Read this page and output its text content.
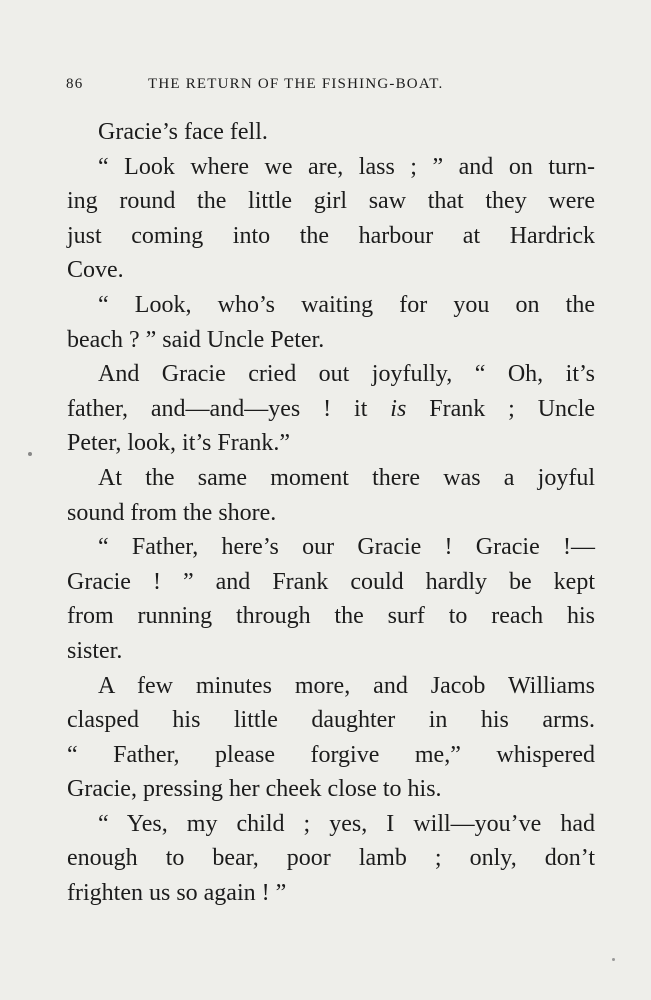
86	THE RETURN OF THE FISHING-BOAT.
Gracie’s face fell.
“ Look where we are, lass ; ” and on turn-
ing round the little girl saw that they were
just coming into the harbour at Hardrick
Cove.
“ Look, who’s waiting for you on the
beach ? ” said Uncle Peter.
And Gracie cried out joyfully, “ Oh, it’s
father, and—and—yes ! it is Frank ; Uncle
Peter, look, it’s Frank.”
At the same moment there was a joyful
sound from the shore.
“ Father, here’s our Gracie ! Gracie !—
Gracie ! ” and Frank could hardly be kept
from running through the surf to reach his
sister.
A few minutes more, and Jacob Williams
clasped his little daughter in his arms.
“ Father, please forgive me,” whispered
Gracie, pressing her cheek close to his.
“ Yes, my child ; yes, I will—you’ve had
enough to bear, poor lamb ; only, don’t
frighten us so again ! ”
